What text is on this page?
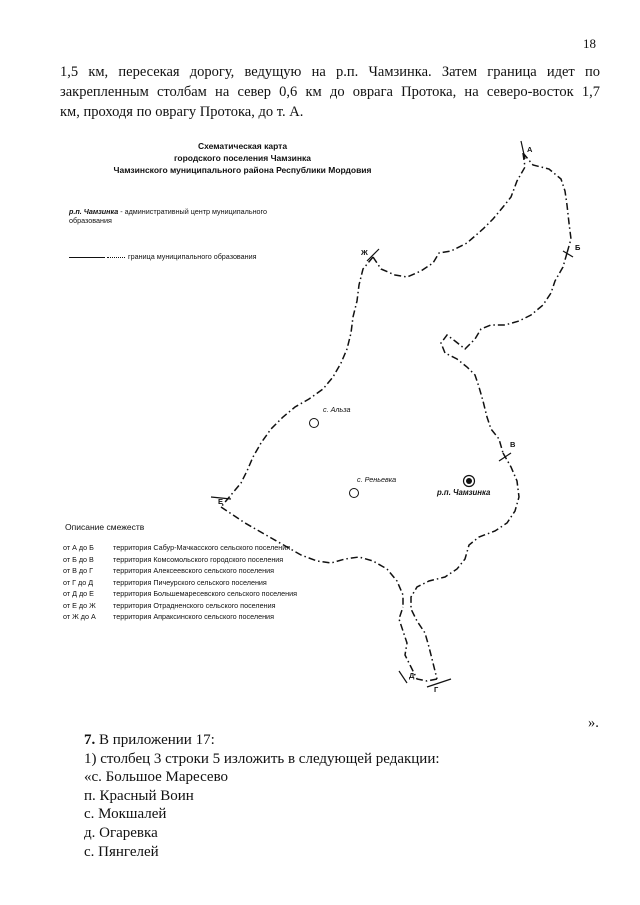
18
1,5 км, пересекая дорогу, ведущую на р.п. Чамзинка. Затем граница идет по
закрепленным столбам на север 0,6 км до оврага Протока, на северо-восток 1,7
км, проходя по оврагу Протока, до т. А.
Схематическая карта
городского поселения Чамзинка
Чамзинского муниципального района Республики Мордовия
р.п. Чамзинка - административный центр муниципального образования
граница муниципального образования
А
Б
В
Г
Д
Е
Ж
с. Альза
с. Реньевка
р.п. Чамзинка
Описание смежеств
от А до Б	территория Сабур-Мачкасского сельского поселения
от Б до В	территория Комсомольского городского поселения
от В до Г	территория Алексеевского сельского поселения
от Г до Д	территория Пичеурского сельского поселения
от Д до Е	территория Большемаресевского сельского поселения
от Е до Ж	территория Отрадненского сельского поселения
от Ж до А	территория Апраксинского сельского поселения
».
7. В приложении 17:
1) столбец 3 строки 5 изложить в следующей редакции:
«с. Большое Маресево
п. Красный Воин
с. Мокшалей
д. Огаревка
с. Пянгелей
